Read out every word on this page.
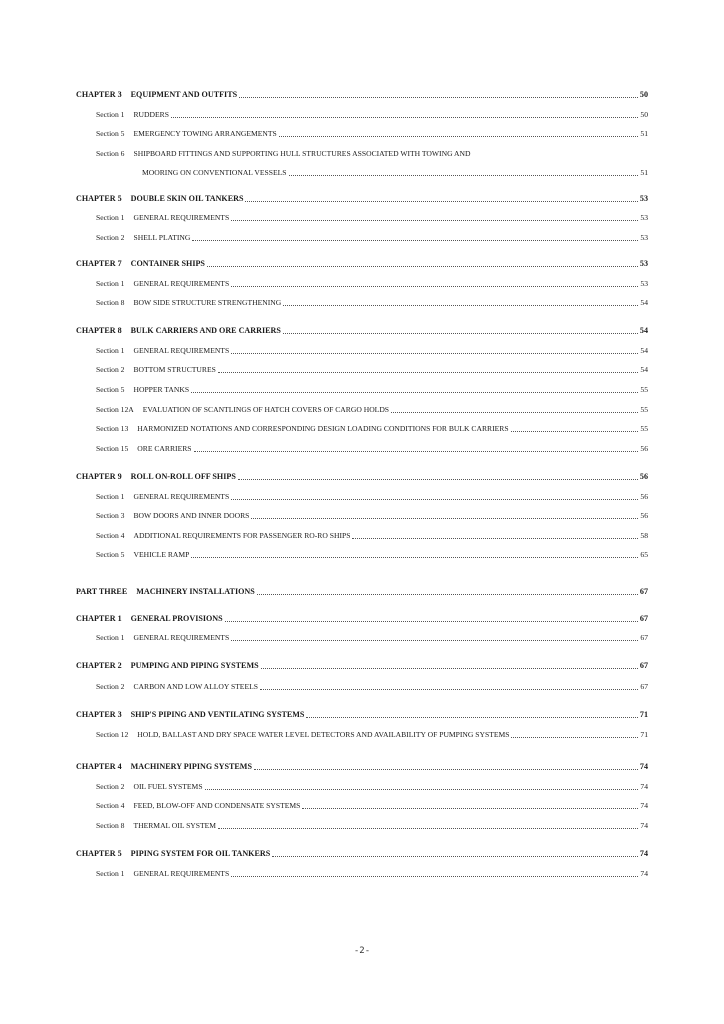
CHAPTER 3 EQUIPMENT AND OUTFITS	50
Section 1 RUDDERS	50
Section 5 EMERGENCY TOWING ARRANGEMENTS	51
Section 6 SHIPBOARD FITTINGS AND SUPPORTING HULL STRUCTURES ASSOCIATED WITH TOWING AND
MOORING ON CONVENTIONAL VESSELS	51
CHAPTER 5 DOUBLE SKIN OIL TANKERS	53
Section 1 GENERAL REQUIREMENTS	53
Section 2 SHELL PLATING	53
CHAPTER 7 CONTAINER SHIPS	53
Section 1 GENERAL REQUIREMENTS	53
Section 8 BOW SIDE STRUCTURE STRENGTHENING	54
CHAPTER 8 BULK CARRIERS AND ORE CARRIERS	54
Section 1 GENERAL REQUIREMENTS	54
Section 2 BOTTOM STRUCTURES	54
Section 5 HOPPER TANKS	55
Section 12A EVALUATION OF SCANTLINGS OF HATCH COVERS OF CARGO HOLDS	55
Section 13 HARMONIZED NOTATIONS AND CORRESPONDING DESIGN LOADING CONDITIONS FOR BULK CARRIERS	55
Section 15 ORE CARRIERS	56
CHAPTER 9 ROLL ON-ROLL OFF SHIPS	56
Section 1 GENERAL REQUIREMENTS	56
Section 3 BOW DOORS AND INNER DOORS	56
Section 4 ADDITIONAL REQUIREMENTS FOR PASSENGER RO-RO SHIPS	58
Section 5 VEHICLE RAMP	65
PART THREE MACHINERY INSTALLATIONS	67
CHAPTER 1 GENERAL PROVISIONS	67
Section 1 GENERAL REQUIREMENTS	67
CHAPTER 2 PUMPING AND PIPING SYSTEMS	67
Section 2 CARBON AND LOW ALLOY STEELS	67
CHAPTER 3 SHIP'S PIPING AND VENTILATING SYSTEMS	71
Section 12 HOLD, BALLAST AND DRY SPACE WATER LEVEL DETECTORS AND AVAILABILITY OF PUMPING SYSTEMS	71
CHAPTER 4 MACHINERY PIPING SYSTEMS	74
Section 2 OIL FUEL SYSTEMS	74
Section 4 FEED, BLOW-OFF AND CONDENSATE SYSTEMS	74
Section 8 THERMAL OIL SYSTEM	74
CHAPTER 5 PIPING SYSTEM FOR OIL TANKERS	74
Section 1 GENERAL REQUIREMENTS	74
-2-
